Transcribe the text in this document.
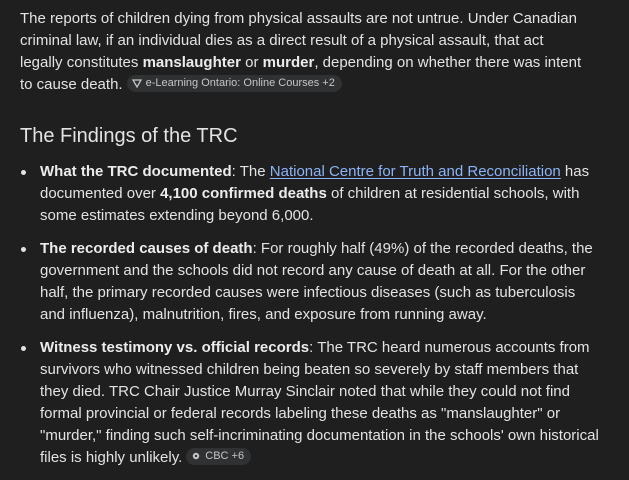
The reports of children dying from physical assaults are not untrue. Under Canadian criminal law, if an individual dies as a direct result of a physical assault, that act legally constitutes manslaughter or murder, depending on whether there was intent to cause death. e-Learning Ontario: Online Courses +2

The Findings of the TRC
What the TRC documented: The National Centre for Truth and Reconciliation has documented over 4,100 confirmed deaths of children at residential schools, with some estimates extending beyond 6,000.
The recorded causes of death: For roughly half (49%) of the recorded deaths, the government and the schools did not record any cause of death at all. For the other half, the primary recorded causes were infectious diseases (such as tuberculosis and influenza), malnutrition, fires, and exposure from running away.
Witness testimony vs. official records: The TRC heard numerous accounts from survivors who witnessed children being beaten so severely by staff members that they died. TRC Chair Justice Murray Sinclair noted that while they could not find formal provincial or federal records labeling these deaths as "manslaughter" or "murder," finding such self-incriminating documentation in the schools' own historical files is highly unlikely. CBC +6
